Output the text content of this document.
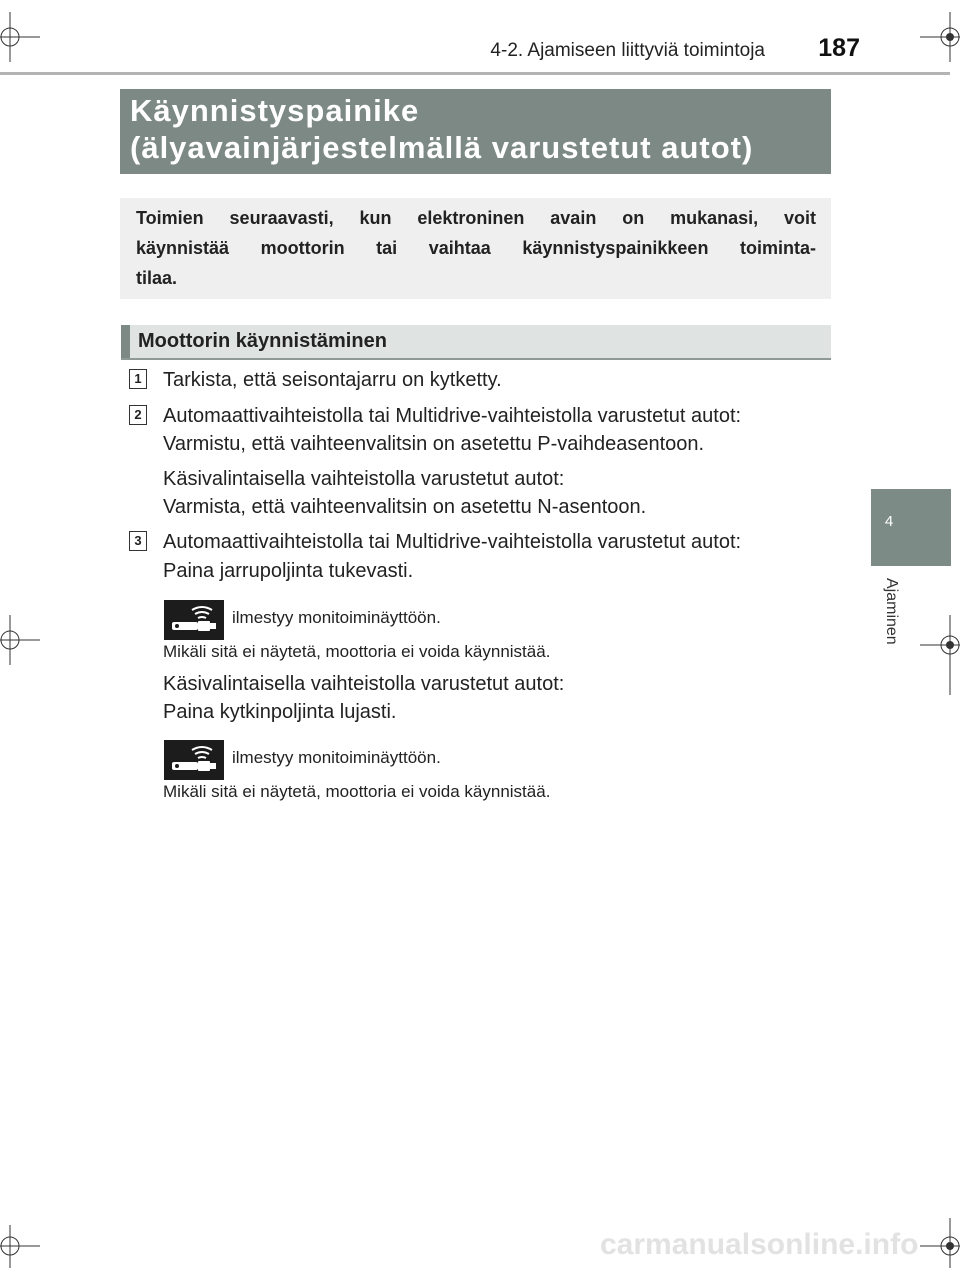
4-2. Ajamiseen liittyviä toimintoja	187
4
Ajaminen
Käynnistyspainike
(älyavainjärjestelmällä varustetut autot)
Toimien seuraavasti, kun elektroninen avain on mukanasi, voit
käynnistää moottorin tai vaihtaa käynnistyspainikkeen toiminta-
tilaa.
Moottorin käynnistäminen
1 Tarkista, että seisontajarru on kytketty.
2 Automaattivaihteistolla tai Multidrive-vaihteistolla varustetut autot:
Varmistu, että vaihteenvalitsin on asetettu P-vaihdeasentoon.
Käsivalintaisella vaihteistolla varustetut autot:
Varmista, että vaihteenvalitsin on asetettu N-asentoon.
3 Automaattivaihteistolla tai Multidrive-vaihteistolla varustetut autot:
Paina jarrupoljinta tukevasti.
ilmestyy monitoiminäyttöön.
Mikäli sitä ei näytetä, moottoria ei voida käynnistää.
Käsivalintaisella vaihteistolla varustetut autot:
Paina kytkinpoljinta lujasti.
ilmestyy monitoiminäyttöön.
Mikäli sitä ei näytetä, moottoria ei voida käynnistää.
carmanualsonline.info
